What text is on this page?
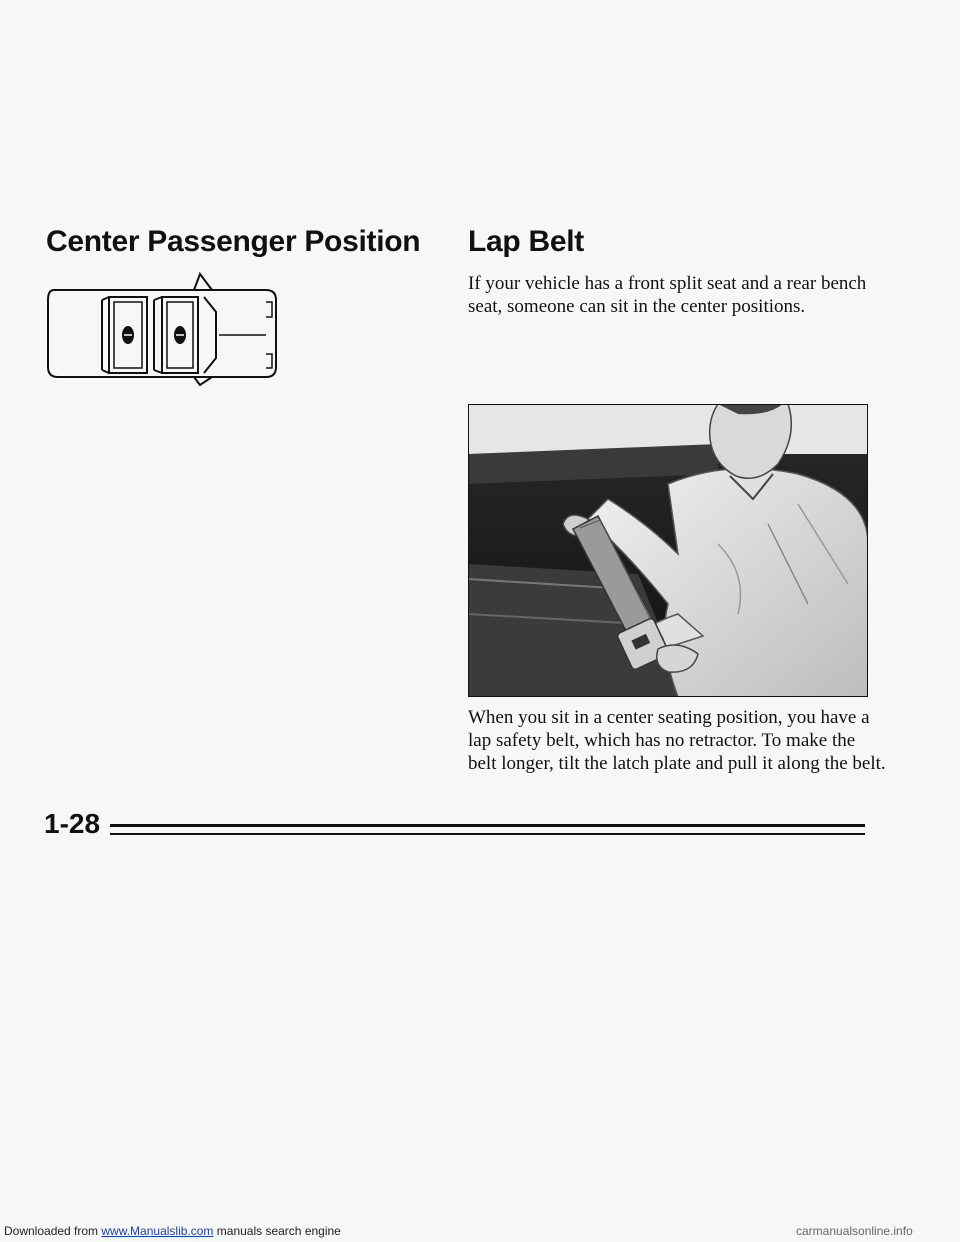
Center Passenger Position Lap Belt

If your vehicle has a front split seat and a rear bench seat, someone can sit in the center positions.

When you sit in a center seating position, you have a lap safety belt, which has no retractor. To make the belt longer, tilt the latch plate and pull it along the belt.

1-28
Downloaded from www.Manualslib.com manuals search engine	carmanualsonline.info
